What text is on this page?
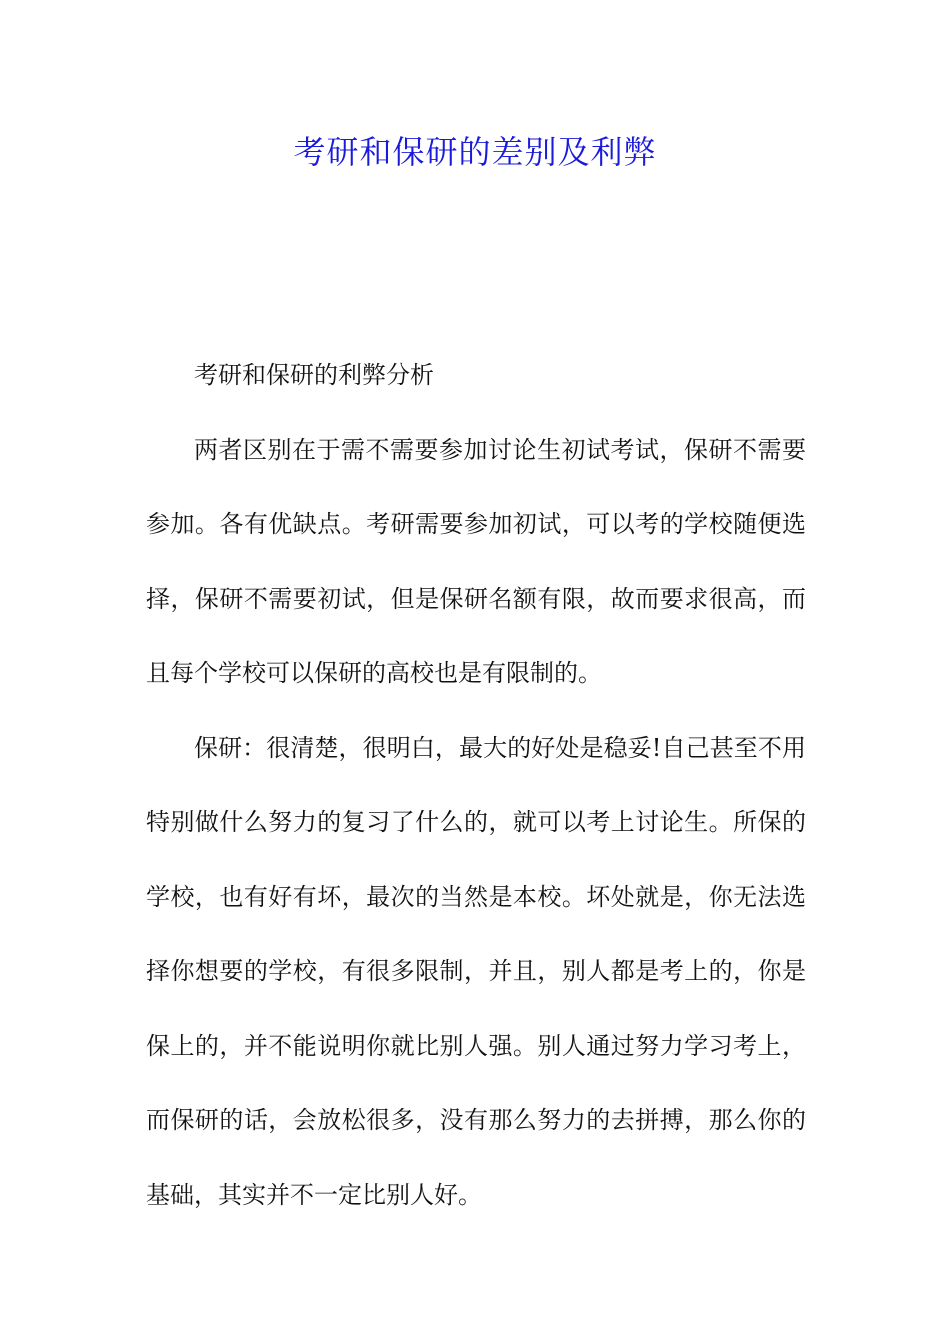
考研和保研的差别及利弊

考研和保研的利弊分析

两者区别在于需不需要参加讨论生初试考试，保研不需要参加。各有优缺点。考研需要参加初试，可以考的学校随便选择，保研不需要初试，但是保研名额有限，故而要求很高，而且每个学校可以保研的高校也是有限制的。

保研：很清楚，很明白，最大的好处是稳妥!自己甚至不用特别做什么努力的复习了什么的，就可以考上讨论生。所保的学校，也有好有坏，最次的当然是本校。坏处就是，你无法选择你想要的学校，有很多限制，并且，别人都是考上的，你是保上的，并不能说明你就比别人强。别人通过努力学习考上，而保研的话，会放松很多，没有那么努力的去拼搏，那么你的基础，其实并不一定比别人好。
